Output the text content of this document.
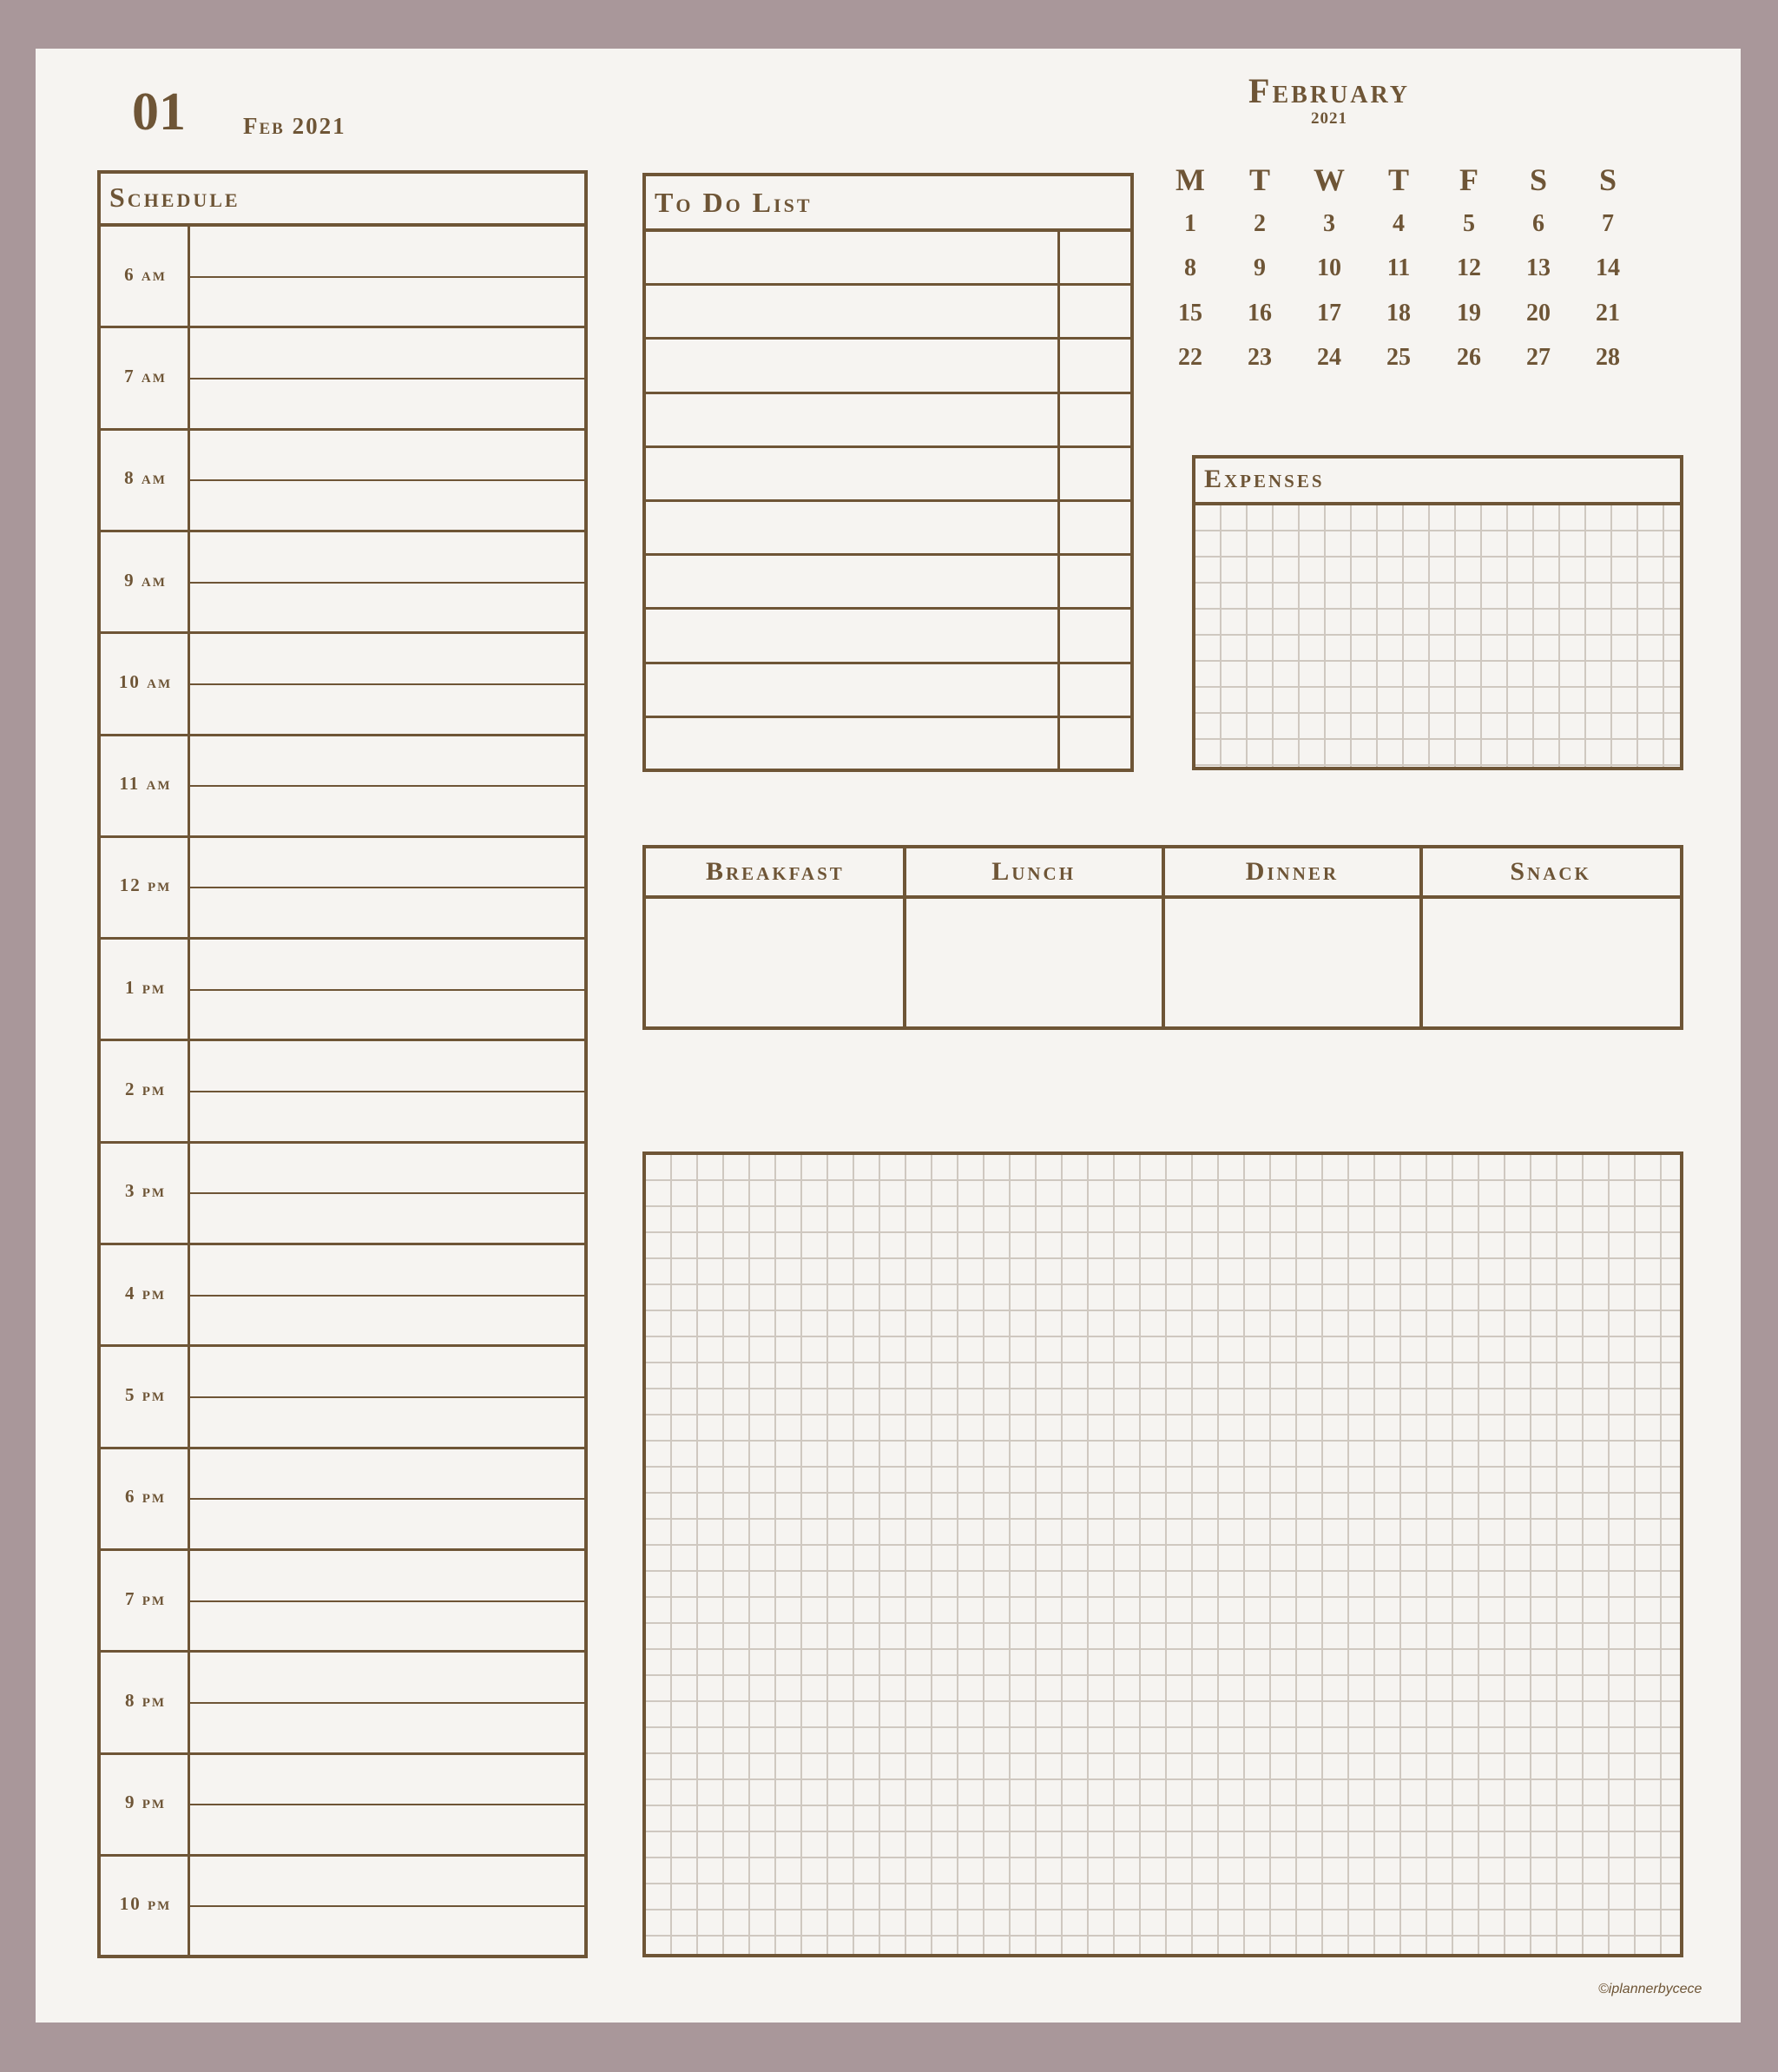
01 Feb 2021
Schedule
6 am
7 am
8 am
9 am
10 am
11 am
12 pm
1 pm
2 pm
3 pm
4 pm
5 pm
6 pm
7 pm
8 pm
9 pm
10 pm
To Do List
February
2021
M	T	W	T	F	S	S
1	2	3	4	5	6	7
8	9	10	11	12	13	14
15	16	17	18	19	20	21
22	23	24	25	26	27	28
Expenses
Breakfast	Lunch	Dinner	Snack
©iplannerbycece
